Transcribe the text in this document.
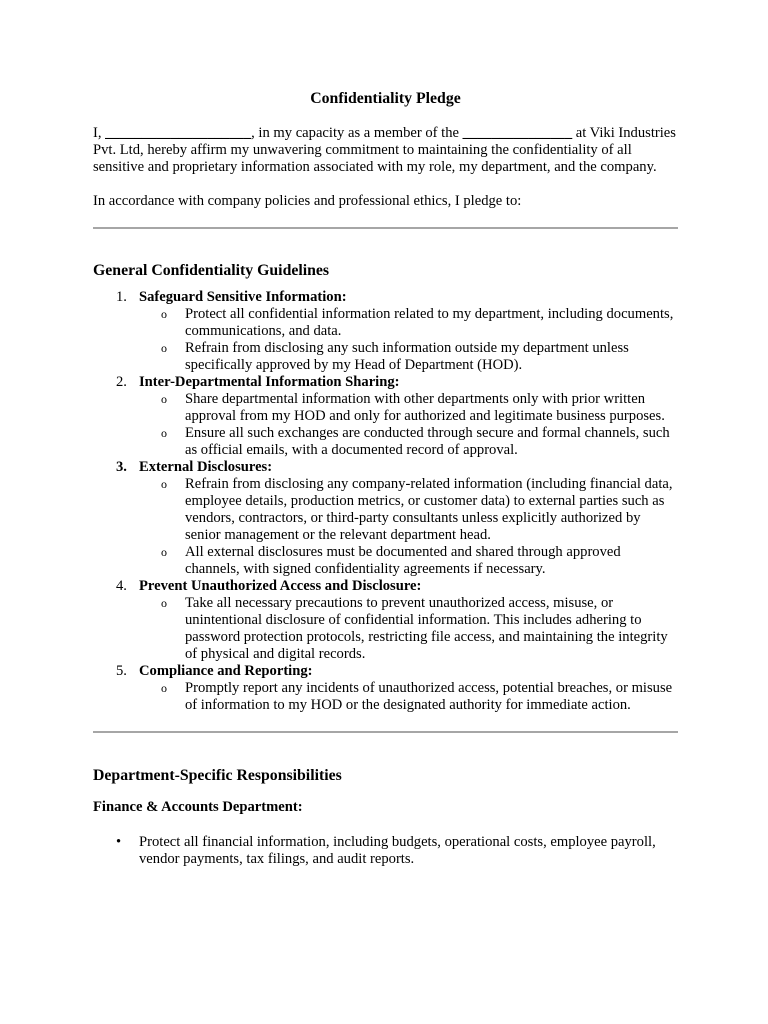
Confidentiality Pledge

I, ____________________, in my capacity as a member of the _______________ at Viki Industries Pvt. Ltd, hereby affirm my unwavering commitment to maintaining the confidentiality of all sensitive and proprietary information associated with my role, my department, and the company.

In accordance with company policies and professional ethics, I pledge to:

General Confidentiality Guidelines
1. Safeguard Sensitive Information:
o Protect all confidential information related to my department, including documents, communications, and data.
o Refrain from disclosing any such information outside my department unless specifically approved by my Head of Department (HOD).
2. Inter-Departmental Information Sharing:
o Share departmental information with other departments only with prior written approval from my HOD and only for authorized and legitimate business purposes.
o Ensure all such exchanges are conducted through secure and formal channels, such as official emails, with a documented record of approval.
3. External Disclosures:
o Refrain from disclosing any company-related information (including financial data, employee details, production metrics, or customer data) to external parties such as vendors, contractors, or third-party consultants unless explicitly authorized by senior management or the relevant department head.
o All external disclosures must be documented and shared through approved channels, with signed confidentiality agreements if necessary.
4. Prevent Unauthorized Access and Disclosure:
o Take all necessary precautions to prevent unauthorized access, misuse, or unintentional disclosure of confidential information. This includes adhering to password protection protocols, restricting file access, and maintaining the integrity of physical and digital records.
5. Compliance and Reporting:
o Promptly report any incidents of unauthorized access, potential breaches, or misuse of information to my HOD or the designated authority for immediate action.
Department-Specific Responsibilities

Finance & Accounts Department:

• Protect all financial information, including budgets, operational costs, employee payroll, vendor payments, tax filings, and audit reports.
